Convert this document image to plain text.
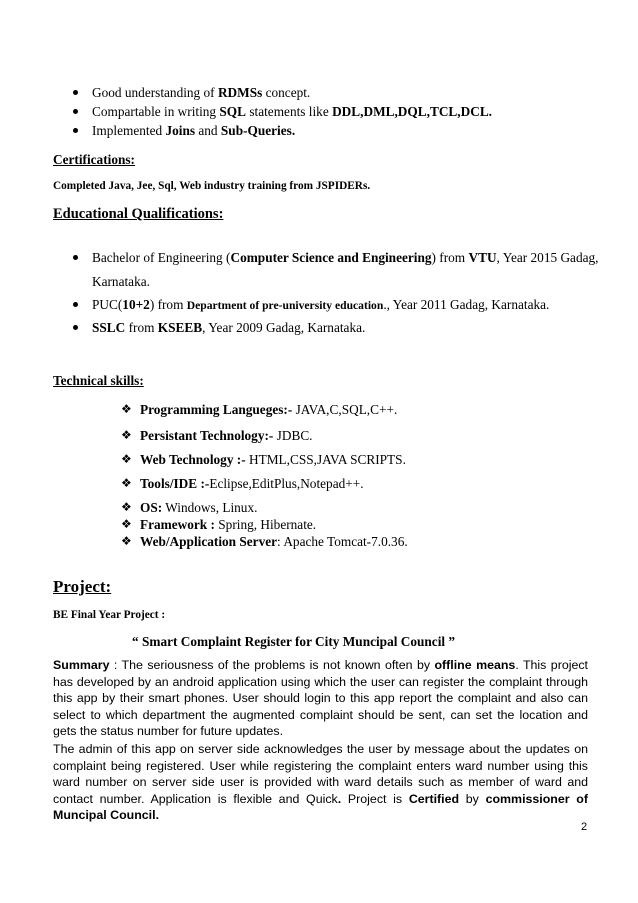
Good understanding of RDMSs concept.
Compartable in writing SQL statements like DDL,DML,DQL,TCL,DCL.
Implemented Joins and Sub-Queries.
Certifications:
Completed Java, Jee, Sql, Web industry training from JSPIDERs.
Educational Qualifications:
Bachelor of Engineering (Computer Science and Engineering) from VTU, Year 2015 Gadag,
Karnataka.
PUC(10+2) from Department of pre-university education., Year 2011 Gadag, Karnataka.
SSLC from KSEEB, Year 2009 Gadag, Karnataka.
Technical skills:
❖ Programming Langueges:- JAVA,C,SQL,C++.
❖ Persistant Technology:- JDBC.
❖ Web Technology :- HTML,CSS,JAVA SCRIPTS.
❖ Tools/IDE :-Eclipse,EditPlus,Notepad++.
❖ OS: Windows, Linux.
❖ Framework : Spring, Hibernate.
❖ Web/Application Server: Apache Tomcat-7.0.36.
Project:
BE Final Year Project :
“ Smart Complaint Register for City Muncipal Council ”
Summary : The seriousness of the problems is not known often by offline means. This project has developed by an android application using which the user can register the complaint through this app by their smart phones. User should login to this app report the complaint and also can select to which department the augmented complaint should be sent, can set the location and gets the status number for future updates.
The admin of this app on server side acknowledges the user by message about the updates on complaint being registered. User while registering the complaint enters ward number using this ward number on server side user is provided with ward details such as member of ward and contact number. Application is flexible and Quick. Project is Certified by commissioner of Muncipal Council.
2
